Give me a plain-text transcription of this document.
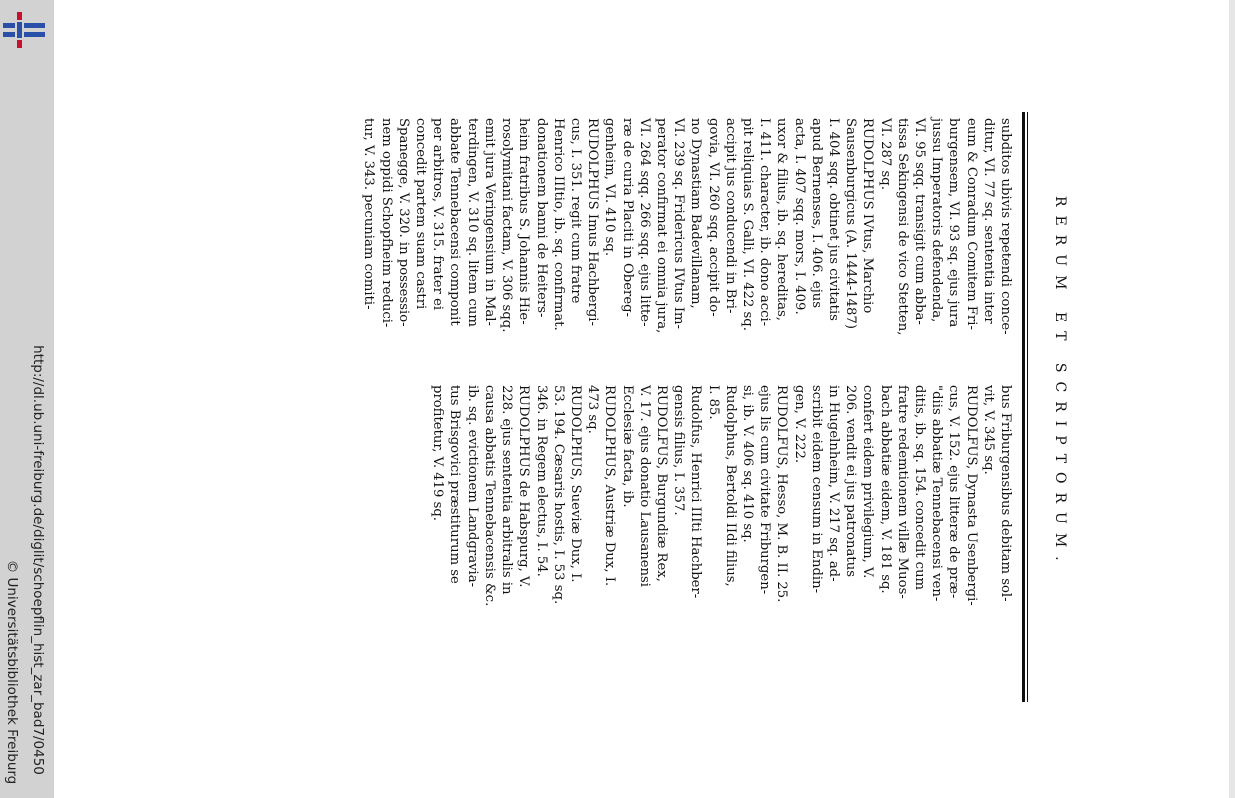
http://dl.ub.uni-freiburg.de/diglit/schoepflin_hist_zar_bad7/0450
© Universitätsbibliothek Freiburg
RERUM ET SCRIPTORUM.

subditos ubivis repetendi conce-

ditur, VI. 77 sq. sententia inter

eum & Conradum Comitem Fri-

burgensem, VI. 93 sq. ejus jura

jussu Imperatoris defendenda,

VI. 95 sqq. transigit cum abba-

tissa Sekingensi de vico Stetten,

VI. 287 sq.

RUDOLPHUS IVtus, Marchio

Sausenburgicus (A. 1444-1487)

I. 404 sqq. obtinet jus civitatis

apud Bernenses, I. 406. ejus

acta, I. 407 sqq. mors, I. 409.

uxor & filius, ib. sq. hereditas,

I. 411. character, ib. dono acci-

pit reliquias S. Galli, VI. 422 sq.

accipit jus conducendi in Bri-

govia, VI. 260 sqq. accipit do-

no Dynastiam Badevillanam,

VI. 239 sq. Fridericus IVtus Im-

perator confirmat ei omnia jura,

VI. 264 sqq. 266 sqq. ejus litte-

ræ de curia Placiti in Obereg-

genheim, VI. 410 sq.

RUDOLPHUS Imus Hachbergi-

cus, I. 351. regit cum fratre

Henrico IIItio, ib. sq. confirmat.

donationem banni de Heiters-

heim fratribus S. Johannis Hie-

rosolymitani factam, V. 306 sqq.

emit jura Veringensium in Mal-

terdingen, V. 310 sq. litem cum

abbate Tennebacensi componit

per arbitros, V. 315. frater ei

concedit partem suam castri

Spanegge, V. 320. in possessio-

nem oppidi Schopfheim reduci-

tur, V. 343. pecuniam comiti-

bus Friburgensibus debitam sol-

vit, V. 345 sq.

RUDOLFUS, Dynasta Usenbergi-

cus, V. 152. ejus litteræ de præ-

"diis abbatiæ Tennebacensi ven-

ditis, ib. sq. 154. concedit cum

fratre redemtionem villæ Muos-

bach abbatiæ eidem, V. 181 sq.

confert eidem privilegium, V.

206. vendit ei jus patronatus

in Hugelnheim, V. 217 sq. ad-

scribit eidem censum in Endin-

gen, V. 222.

RUDOLFUS, Hesso, M. B. II. 25.

ejus lis cum civitate Friburgen-

si, ib. V. 406 sq. 410 sq.

Rudolphus, Bertoldi IIdi filius,

I. 85.

Rudolfus, Henrici IIIti Hachber-

gensis filius, I. 357.

RUDOLFUS, Burgundiæ Rex,

V. 17. ejus donatio Lausanensi

Ecclesiæ facta, ib.

RUDOLPHUS, Austriæ Dux, I.

473 sq.

RUDOLPHUS, Sueviæ Dux, I.

53. 194. Cæsaris hostis, I. 53 sq.

346. in Regem electus, I. 54.

RUDOLPHUS de Habspurg, V.

228. ejus sententia arbitralis in

causa abbatis Tennebacensis &c.

ib. sq. evictionem Landgravia-

tus Brisgovici præstiturum se

profitetur, V. 419 sq.
